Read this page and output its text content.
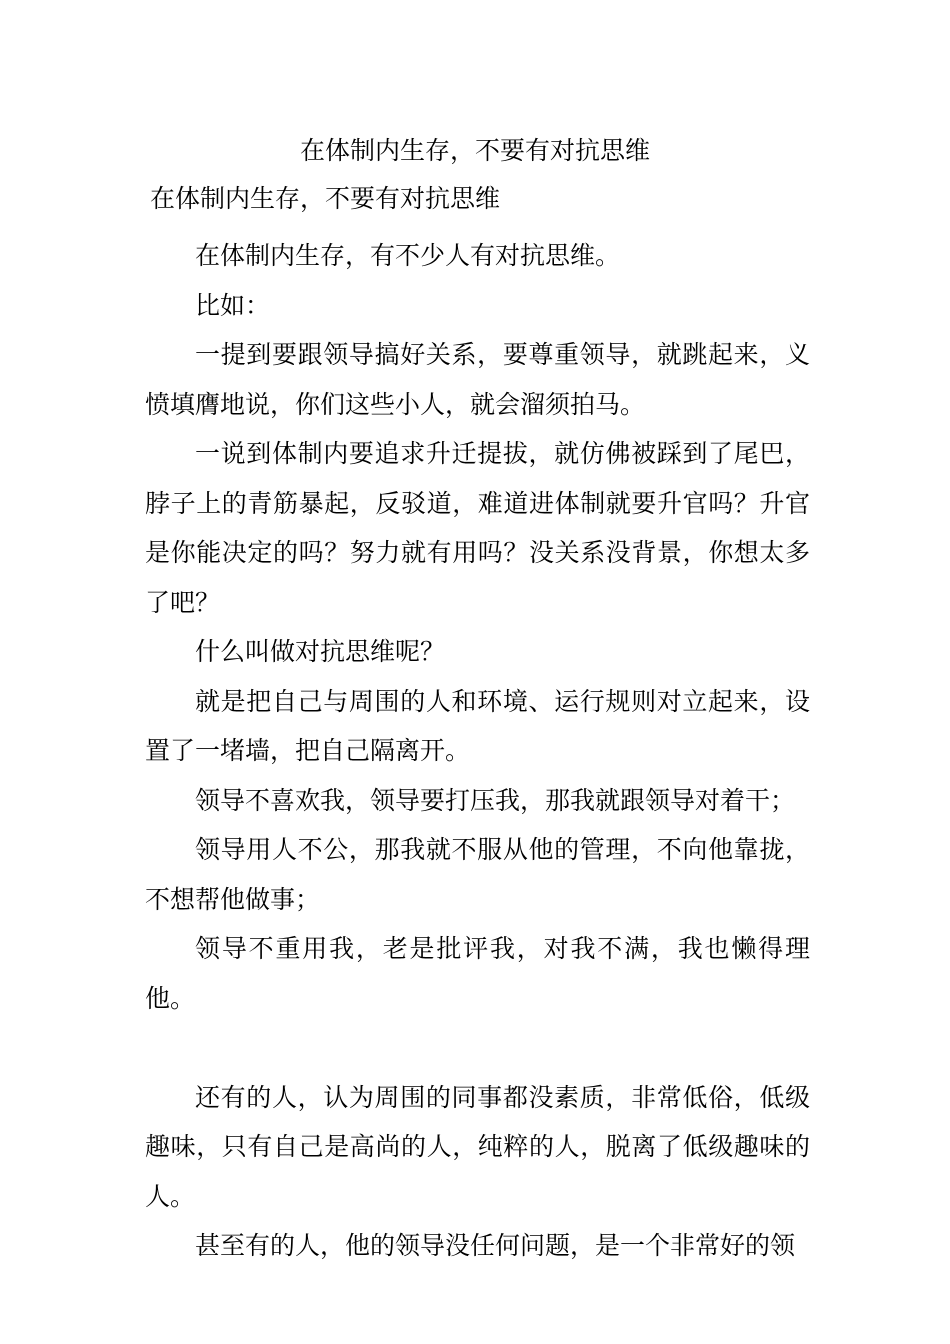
在体制内生存，不要有对抗思维
在体制内生存，不要有对抗思维

在体制内生存，有不少人有对抗思维。

比如：

一提到要跟领导搞好关系，要尊重领导，就跳起来，义愤填膺地说，你们这些小人，就会溜须拍马。

一说到体制内要追求升迁提拔，就仿佛被踩到了尾巴，脖子上的青筋暴起，反驳道，难道进体制就要升官吗？升官是你能决定的吗？努力就有用吗？没关系没背景，你想太多了吧？

什么叫做对抗思维呢？

就是把自己与周围的人和环境、运行规则对立起来，设置了一堵墙，把自己隔离开。

领导不喜欢我，领导要打压我，那我就跟领导对着干；

领导用人不公，那我就不服从他的管理，不向他靠拢，不想帮他做事；

领导不重用我，老是批评我，对我不满，我也懒得理他。

还有的人，认为周围的同事都没素质，非常低俗，低级趣味，只有自己是高尚的人，纯粹的人，脱离了低级趣味的人。

甚至有的人，他的领导没任何问题，是一个非常好的领
